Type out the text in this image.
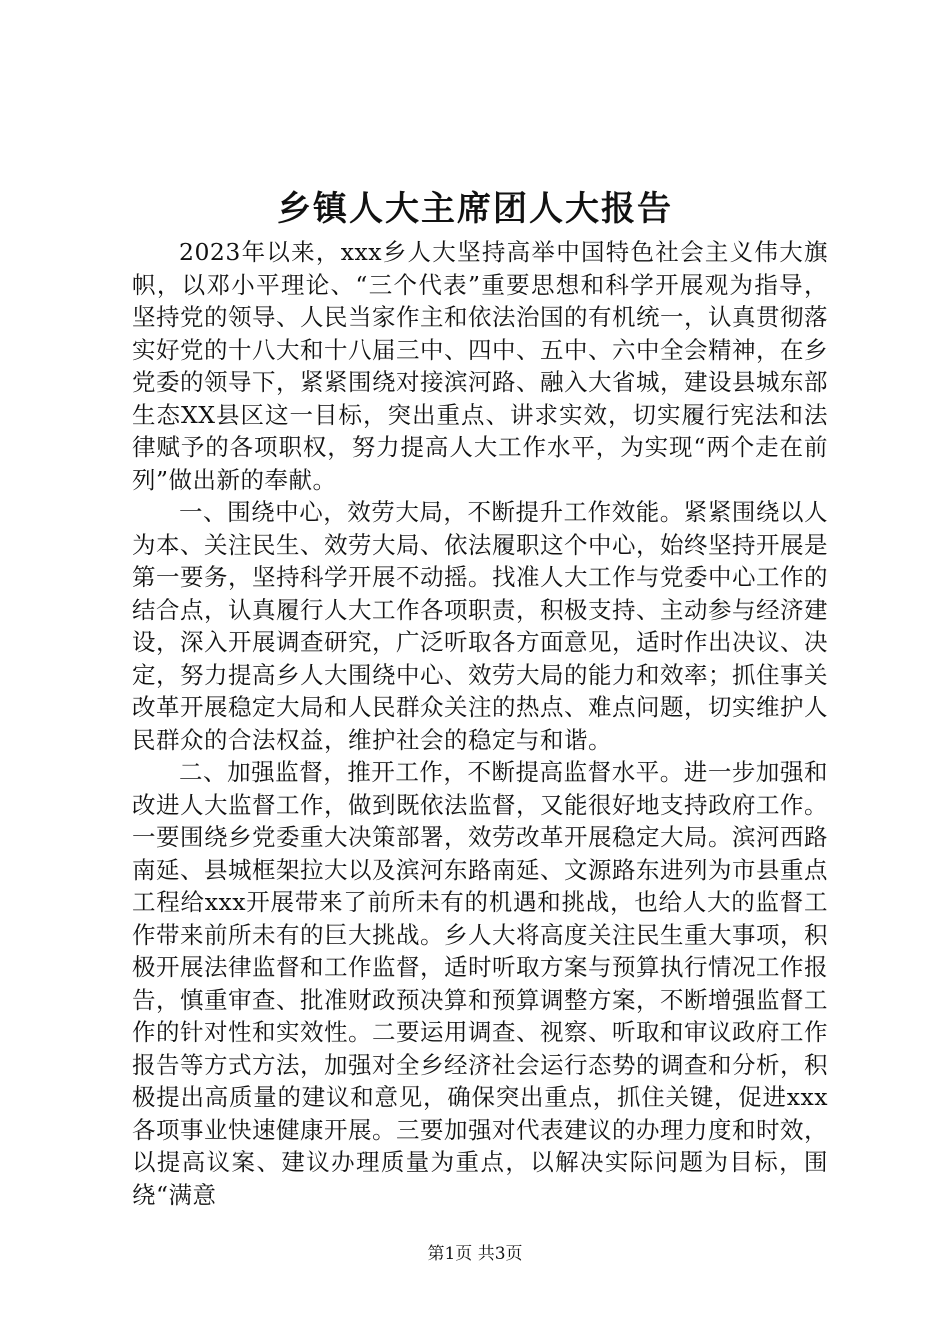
乡镇人大主席团人大报告

2023年以来，xxx乡人大坚持高举中国特色社会主义伟大旗帜，以邓小平理论、“三个代表”重要思想和科学开展观为指导，坚持党的领导、人民当家作主和依法治国的有机统一，认真贯彻落实好党的十八大和十八届三中、四中、五中、六中全会精神，在乡党委的领导下，紧紧围绕对接滨河路、融入大省城，建设县城东部生态XX县区这一目标，突出重点、讲求实效，切实履行宪法和法律赋予的各项职权，努力提高人大工作水平，为实现“两个走在前列”做出新的奉献。

一、围绕中心，效劳大局，不断提升工作效能。紧紧围绕以人为本、关注民生、效劳大局、依法履职这个中心，始终坚持开展是第一要务，坚持科学开展不动摇。找准人大工作与党委中心工作的结合点，认真履行人大工作各项职责，积极支持、主动参与经济建设，深入开展调查研究，广泛听取各方面意见，适时作出决议、决定，努力提高乡人大围绕中心、效劳大局的能力和效率；抓住事关改革开展稳定大局和人民群众关注的热点、难点问题，切实维护人民群众的合法权益，维护社会的稳定与和谐。

二、加强监督，推开工作，不断提高监督水平。进一步加强和改进人大监督工作，做到既依法监督，又能很好地支持政府工作。一要围绕乡党委重大决策部署，效劳改革开展稳定大局。滨河西路南延、县城框架拉大以及滨河东路南延、文源路东进列为市县重点工程给xxx开展带来了前所未有的机遇和挑战，也给人大的监督工作带来前所未有的巨大挑战。乡人大将高度关注民生重大事项，积极开展法律监督和工作监督，适时听取方案与预算执行情况工作报告，慎重审查、批准财政预决算和预算调整方案，不断增强监督工作的针对性和实效性。二要运用调查、视察、听取和审议政府工作报告等方式方法，加强对全乡经济社会运行态势的调查和分析，积极提出高质量的建议和意见，确保突出重点，抓住关键，促进xxx各项事业快速健康开展。三要加强对代表建议的办理力度和时效，以提高议案、建议办理质量为重点，以解决实际问题为目标，围绕“满意

第1页 共3页
